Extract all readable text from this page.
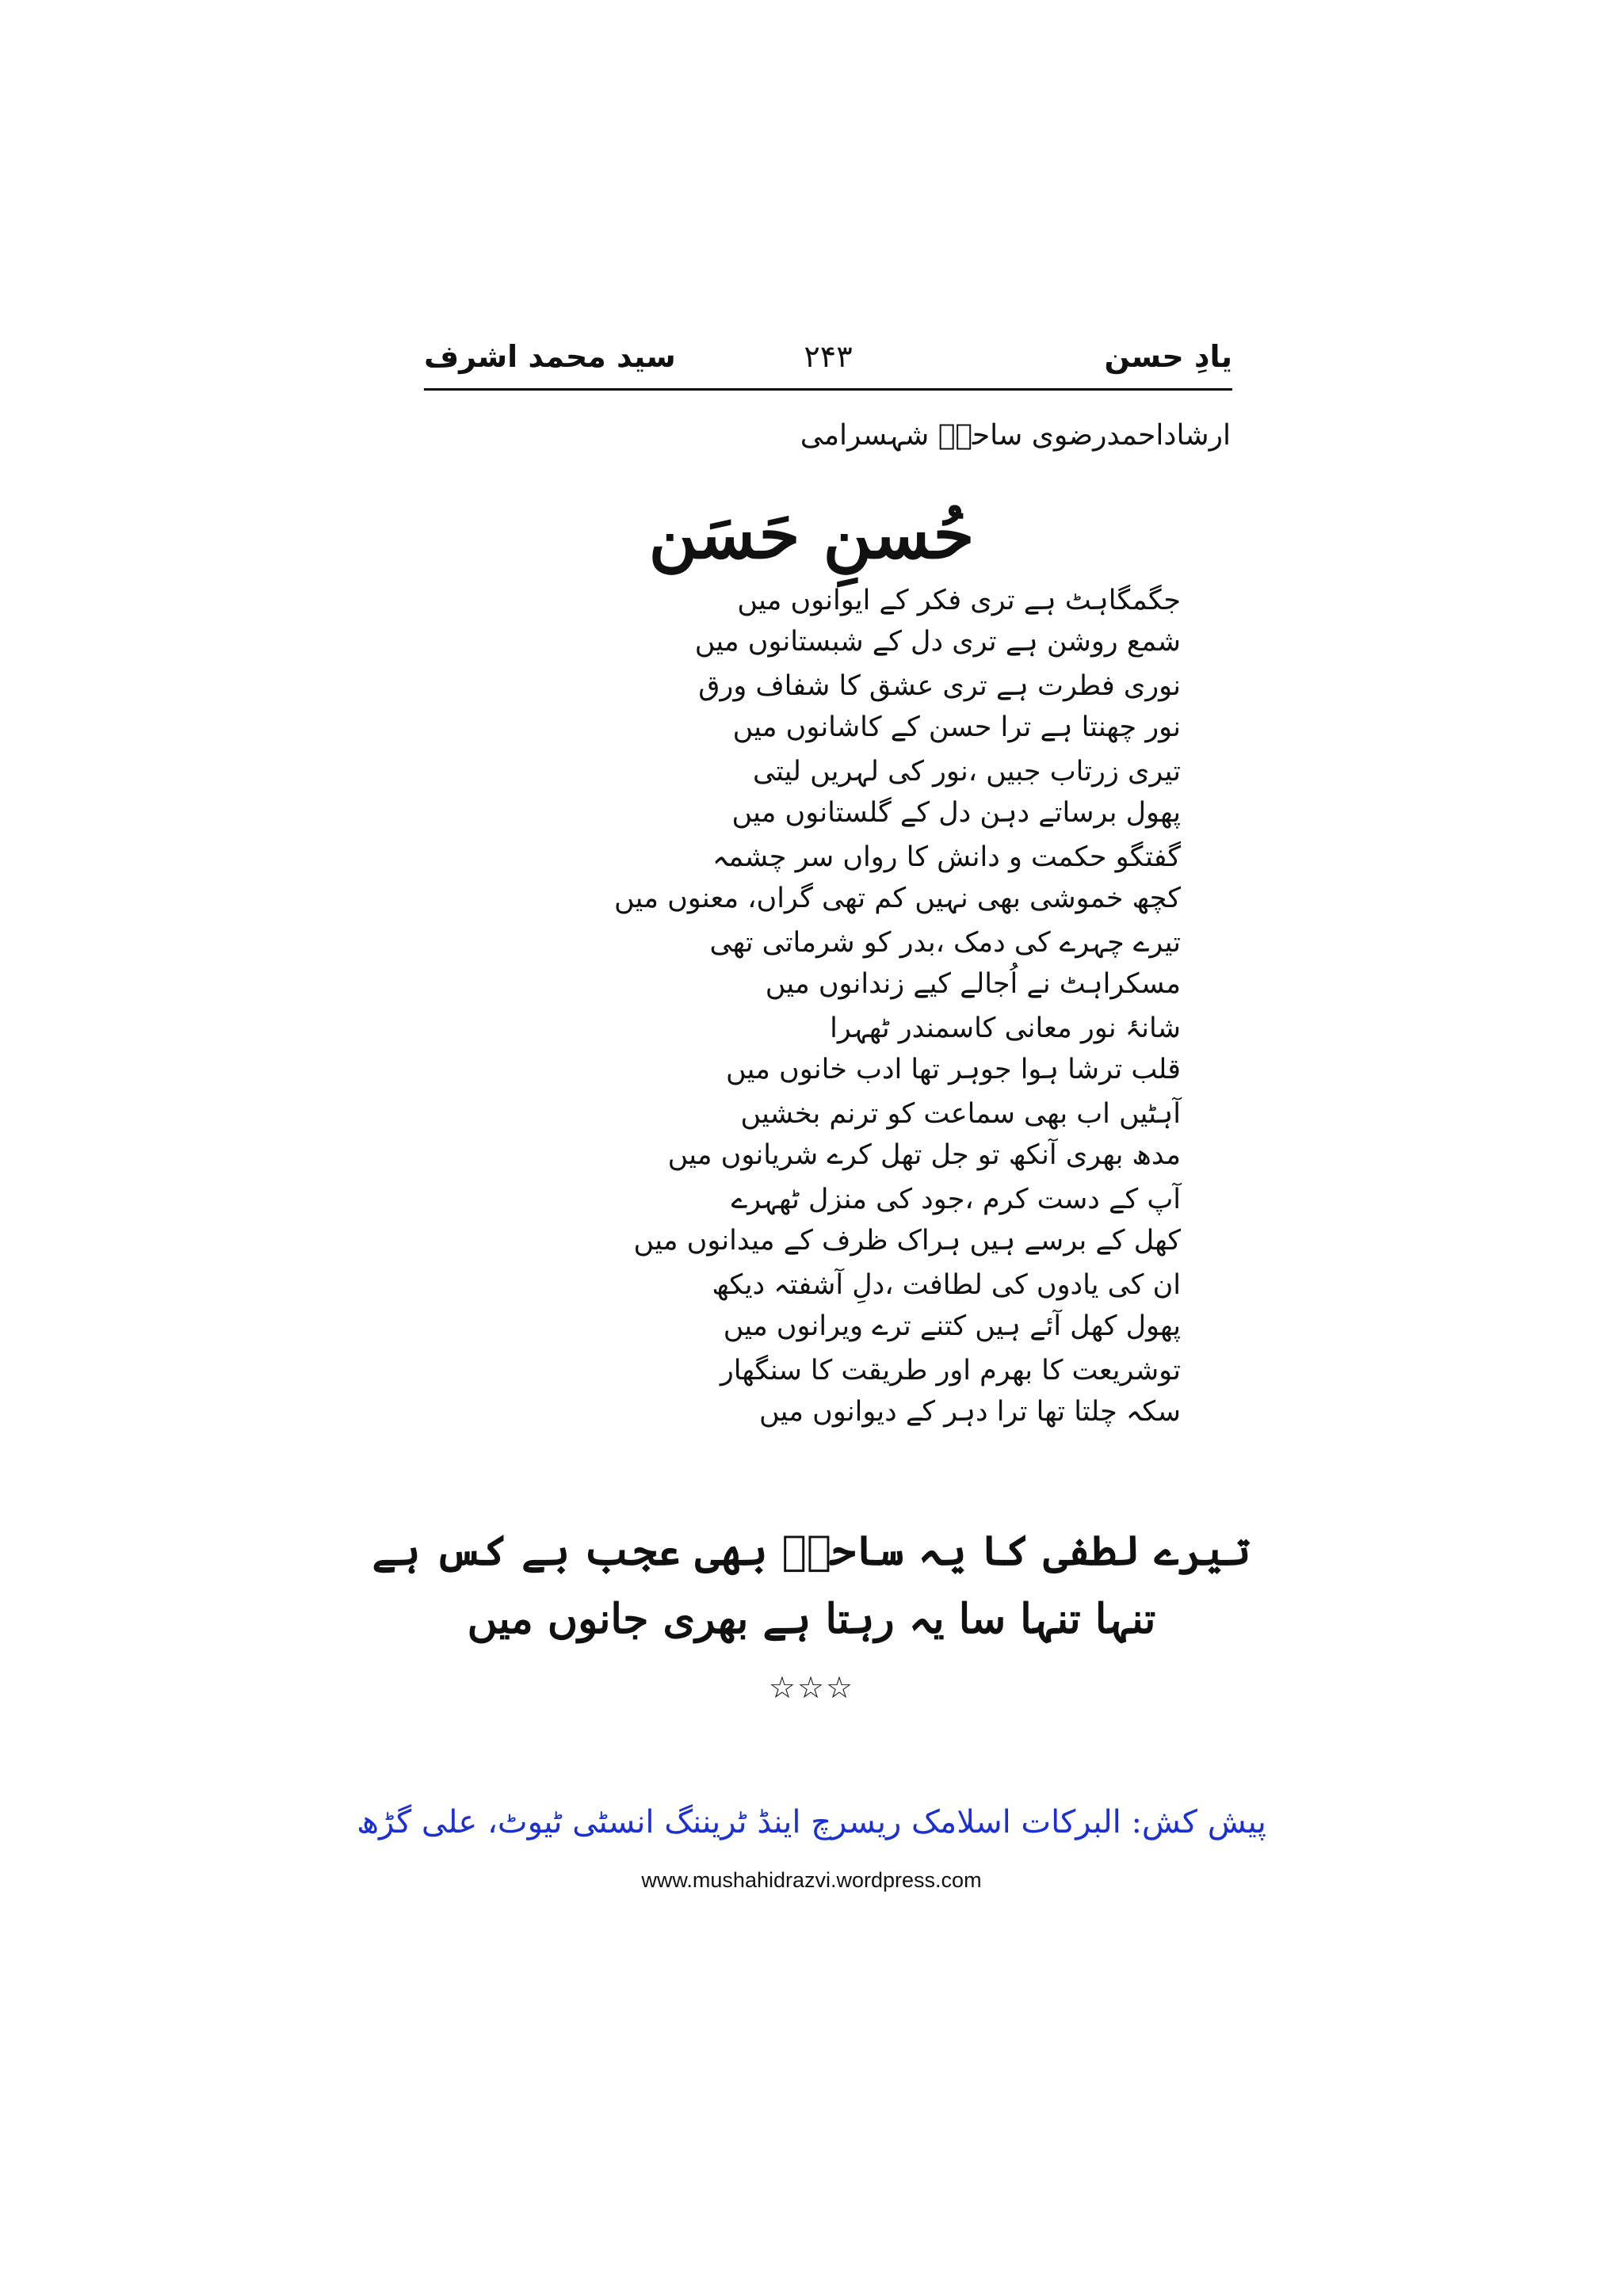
یادِ حسن
۲۴۳
سید محمد اشرف
ارشاداحمدرضوی ساحلؔ شہسرامی
حُسنِ حَسَن
جگمگاہٹ ہے تری فکر کے ایوانوں میں
شمع روشن ہے تری دل کے شبستانوں میں
نوری فطرت ہے تری عشق کا شفاف ورق
نور چھنتا ہے ترا حسن کے کاشانوں میں
تیری زرتاب جبیں ،نور کی لہریں لیتی
پھول برساتے دہن دل کے گلستانوں میں
گفتگو حکمت و دانش کا رواں سر چشمہ
کچھ خموشی بھی نہیں کم تھی گراں، معنوں میں
تیرے چہرے کی دمک ،بدر کو شرماتی تھی
مسکراہٹ نے اُجالے کیے زندانوں میں
شانۂ نور معانی کاسمندر ٹھہرا
قلب ترشا ہوا جوہر تھا ادب خانوں میں
آہٹیں اب بھی سماعت کو ترنم بخشیں
مدھ بھری آنکھ تو جل تھل کرے شریانوں میں
آپ کے دست کرم ،جود کی منزل ٹھہرے
کھل کے برسے ہیں ہراک ظرف کے میدانوں میں
ان کی یادوں کی لطافت ،دلِ آشفتہ دیکھ
پھول کھل آئے ہیں کتنے ترے ویرانوں میں
توشریعت کا بھرم اور طریقت کا سنگھار
سکہ چلتا تھا ترا دہر کے دیوانوں میں
تیرے لطفی کا یہ ساحلؔ بھی عجب بے کس ہے
تنہا تنہا سا یہ رہتا ہے بھری جانوں میں
☆☆☆
پیش کش: البرکات اسلامک ریسرچ اینڈ ٹریننگ انسٹی ٹیوٹ، علی گڑھ
www.mushahidrazvi.wordpress.com
